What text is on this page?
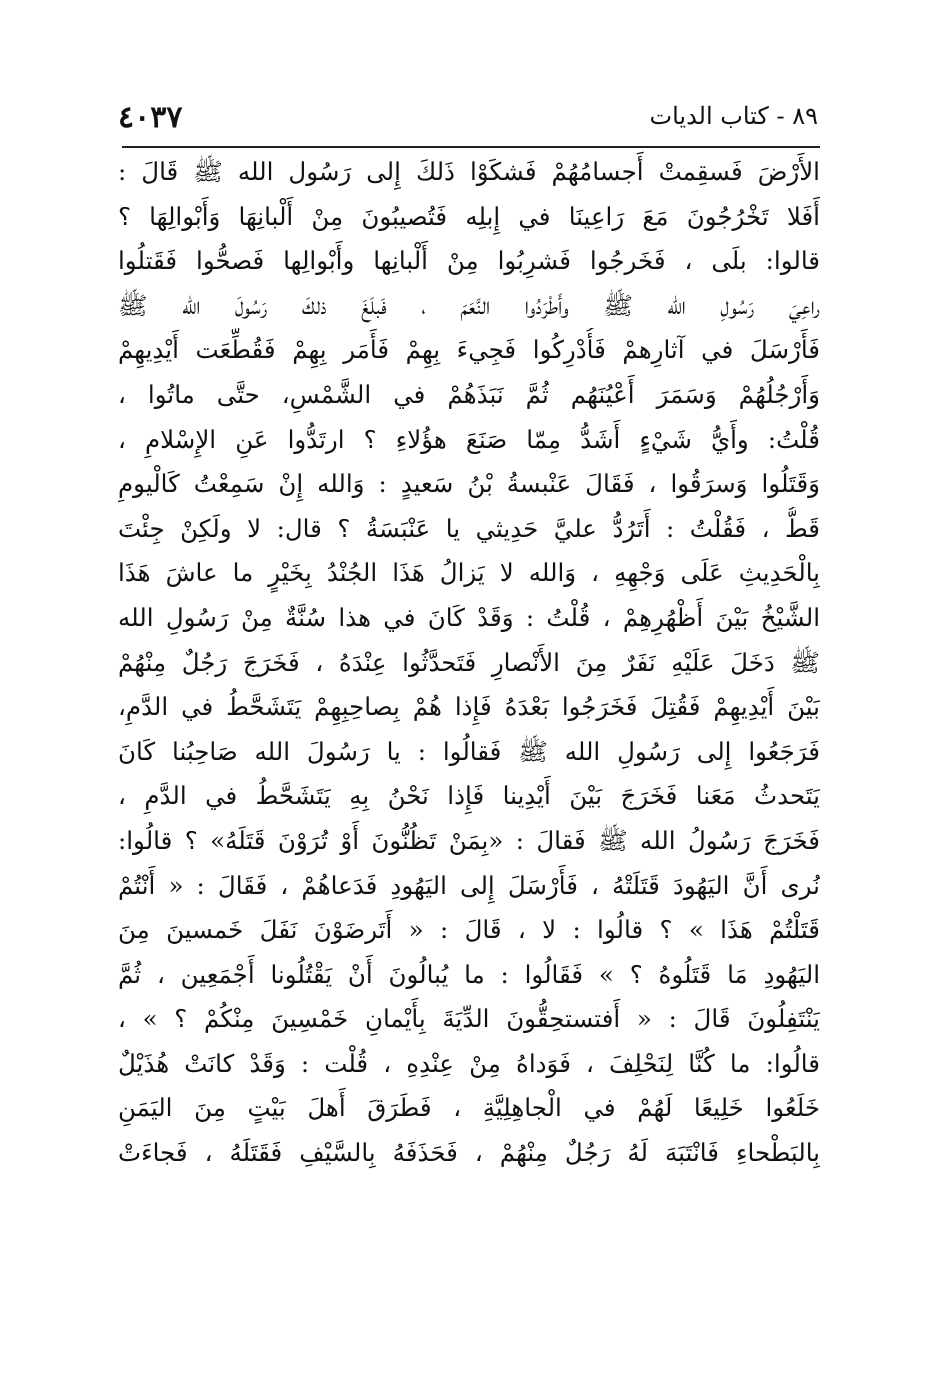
٤٠٣٧	٨٩ - كتاب الديات
الأَرْضَ فَسقِمتْ أَجسامُهُمْ فَشكَوْا ذَلكَ إِلى رَسُول الله ﷺ قَالَ :
أَفَلا تَخْرُجُونَ مَعَ رَاعِينَا في إِبلِه فَتُصيبُونَ مِنْ أَلْبانِهَا وَأَبْوالِهَا ؟
قالوا: بلَى ، فَخَرجُوا فَشرِبُوا مِنْ أَلْبانِها وأَبْوالِها فَصحُّوا فَقَتلُوا
راعِيَ رَسُولِ الله ﷺ وأَطْرَدُوا النَّعَمَ ، فَبلَغَ ذلكَ رَسُولَ الله ﷺ
فَأَرْسَلَ في آثارِهمْ فَأُدْرِكُوا فَجِيءَ بِهِمْ فَأَمَر بِهِمْ فَقُطِّعَت أَيْدِيهِمْ
وَأَرْجُلُهُمْ وَسَمَرَ أَعْيُنَهُم ثُمَّ نَبَذَهُمْ في الشَّمْسِ، حتَّى ماتُوا ،
قُلْتُ: وأَيُّ شَيْءٍ أَشَدُّ مِمّا صَنَعَ هؤُلاءِ ؟ ارتَدُّوا عَنِ الإِسْلامِ ،
وَقَتَلُوا وَسرَقُوا ، فَقَالَ عَنْبسةُ بْنُ سَعيدٍ : وَالله إِنْ سَمِعْتُ كَالْيومِ
قَطُّ ، فَقُلْتُ : أَتَرُدُّ عليَّ حَدِيثي يا عَنْبَسَةُ ؟ قال: لا ولَكِنْ جِئْتَ
بِالْحَدِيثِ عَلَى وَجْهِهِ ، وَالله لا يَزالُ هَذَا الجُنْدُ بِخَيْرٍ ما عاشَ هَذَا
الشَّيْخُ بَيْنَ أَظْهُرِهِمْ ، قُلْتُ : وَقَدْ كَانَ في هذا سُنَّةٌ مِنْ رَسُولِ الله
ﷺ دَخَلَ عَلَيْهِ نَفَرٌ مِنَ الأَنْصارِ فَتَحدَّثُوا عِنْدَهُ ، فَخَرَجَ رَجُلٌ مِنْهُمْ
بَيْنَ أَيْدِيهِمْ فَقُتِلَ فَخَرَجُوا بَعْدَهُ فَإِذا هُمْ بِصاحِبِهِمْ يَتَشَحَّطُ في الدَّمِ،
فَرَجَعُوا إِلى رَسُولِ الله ﷺ فَقالُوا : يا رَسُولَ الله صَاحِبُنا كَانَ
يَتَحدثُ مَعَنا فَخَرَجَ بَيْنَ أَيْدِينا فَإِذا نَحْنُ بِهِ يَتَشَحَّطُ في الدَّمِ ،
فَخَرَجَ رَسُولُ الله ﷺ فَقالَ : «بِمَنْ تَظُنُّونَ أَوْ تُرَوْنَ قَتَلَهُ» ؟ قالُوا:
نُرى أَنَّ اليَهُودَ قَتَلَتْهُ ، فَأَرْسَلَ إِلى اليَهُودِ فَدَعاهُمْ ، فَقَالَ : « أَنْتُمْ
قَتَلْتُمْ هَذَا » ؟ قالُوا : لا ، قَالَ : « أَتَرضَوْنَ نَفَلَ خَمسينَ مِنَ
اليَهُودِ مَا قَتَلُوهُ ؟ » فَقَالُوا : ما يُبالُونَ أَنْ يَقْتُلُونا أَجْمَعِين ، ثُمَّ
يَنْتَفِلُونَ قَالَ : « أَفتستحِقُّونَ الدِّيَةَ بِأَيْمانِ خَمْسِينَ مِنْكُمْ ؟ » ،
قالُوا: ما كُنَّا لِنَحْلِفَ ، فَوَداهُ مِنْ عِنْدِهِ ، قُلْت : وَقَدْ كانَتْ هُذَيْلٌ
خَلَعُوا خَلِيعًا لَهُمْ في الْجاهِلِيَّةِ ، فَطَرَقَ أَهلَ بَيْتٍ مِنَ اليَمَنِ
بِالبَطْحاءِ فَانْتَبَهَ لَهُ رَجُلٌ مِنْهُمْ ، فَحَذَفَهُ بِالسَّيْفِ فَقَتَلَهُ ، فَجاءَتْ
